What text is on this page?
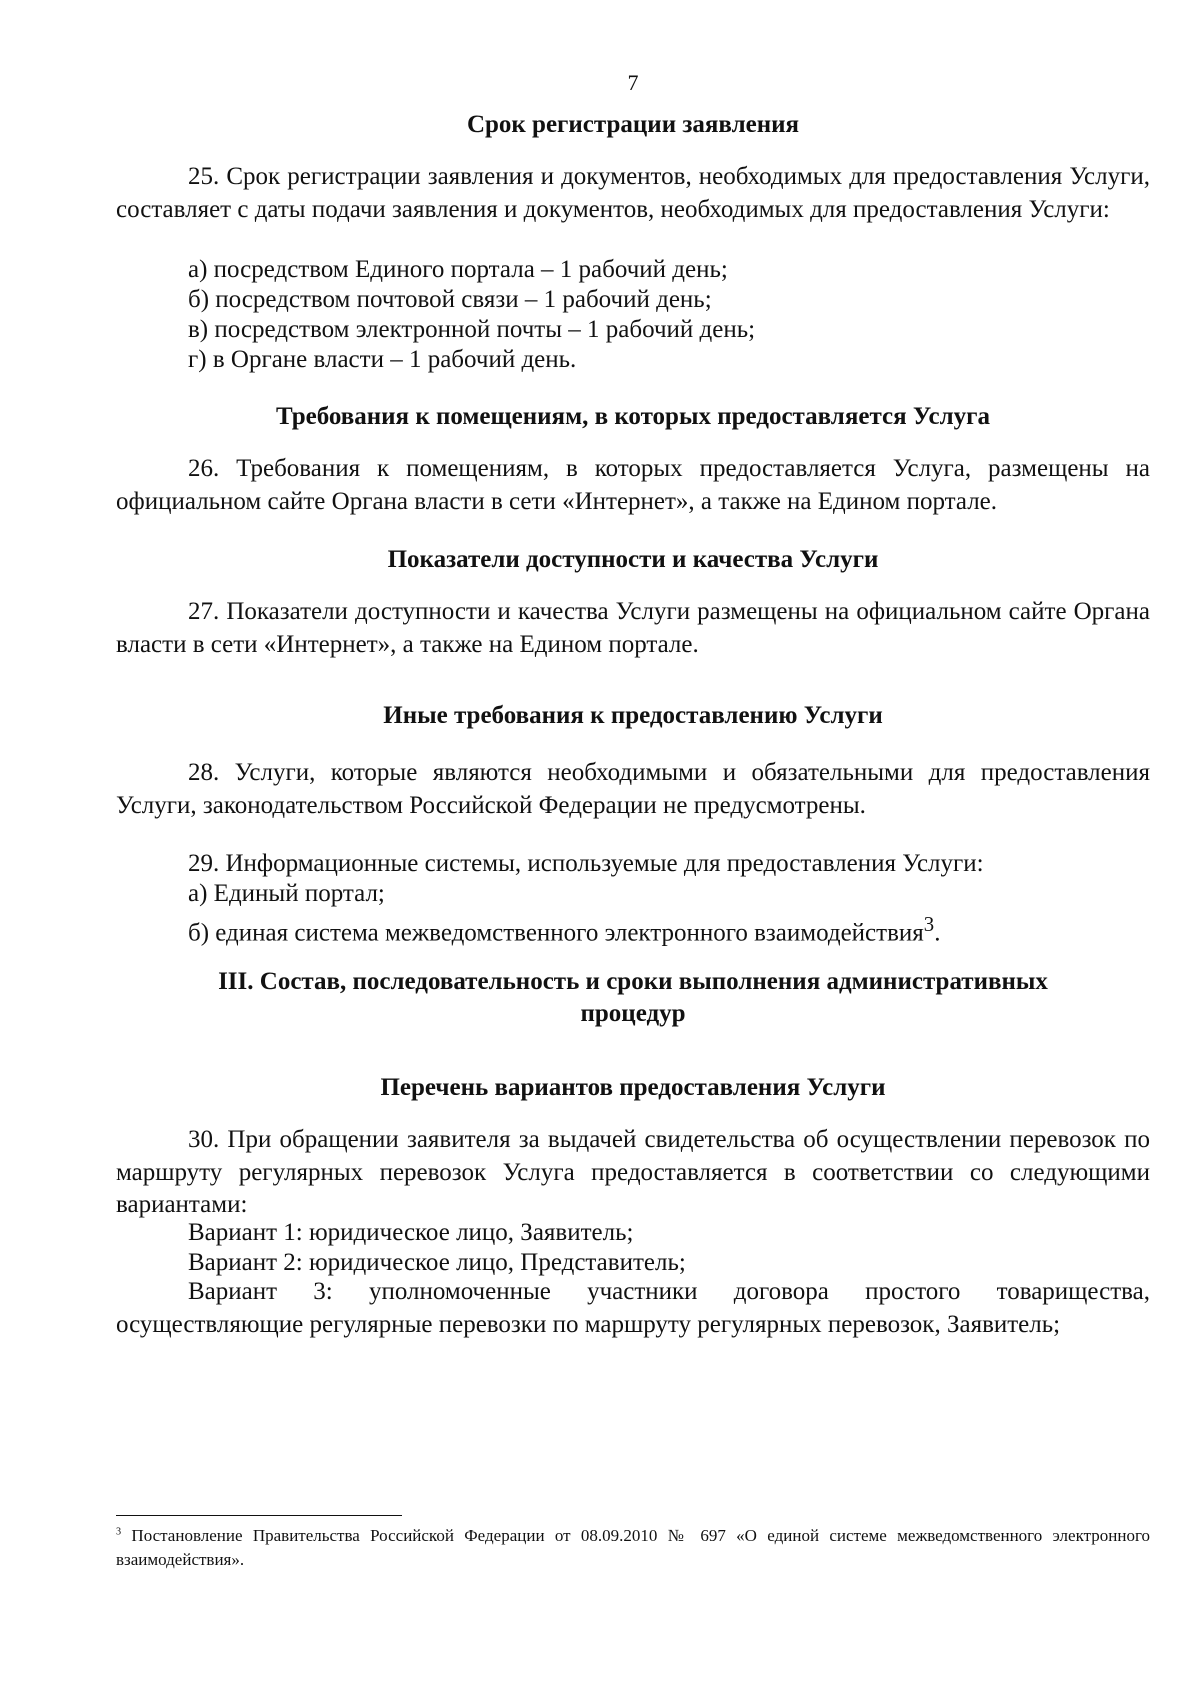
7
Срок регистрации заявления

25. Срок регистрации заявления и документов, необходимых для предоставления Услуги, составляет с даты подачи заявления и документов, необходимых для предоставления Услуги:

а) посредством Единого портала – 1 рабочий день;

б) посредством почтовой связи – 1 рабочий день;

в) посредством электронной почты – 1 рабочий день;

г) в Органе власти – 1 рабочий день.

Требования к помещениям, в которых предоставляется Услуга

26. Требования к помещениям, в которых предоставляется Услуга, размещены на официальном сайте Органа власти в сети «Интернет», а также на Едином портале.

Показатели доступности и качества Услуги

27. Показатели доступности и качества Услуги размещены на официальном сайте Органа власти в сети «Интернет», а также на Едином портале.

Иные требования к предоставлению Услуги

28. Услуги, которые являются необходимыми и обязательными для предоставления Услуги, законодательством Российской Федерации не предусмотрены.

29. Информационные системы, используемые для предоставления Услуги:

а) Единый портал;

б) единая система межведомственного электронного взаимодействия$^3$.

III. Состав, последовательность и сроки выполнения административных
процедур
Перечень вариантов предоставления Услуги

30. При обращении заявителя за выдачей свидетельства об осуществлении перевозок по маршруту регулярных перевозок Услуга предоставляется в соответствии со следующими вариантами:

Вариант 1: юридическое лицо, Заявитель;

Вариант 2: юридическое лицо, Представитель;

Вариант 3: уполномоченные участники договора простого товарищества, осуществляющие регулярные перевозки по маршруту регулярных перевозок, Заявитель;

$^3$ Постановление Правительства Российской Федерации от 08.09.2010 № 697 «О единой системе межведомственного электронного взаимодействия».
